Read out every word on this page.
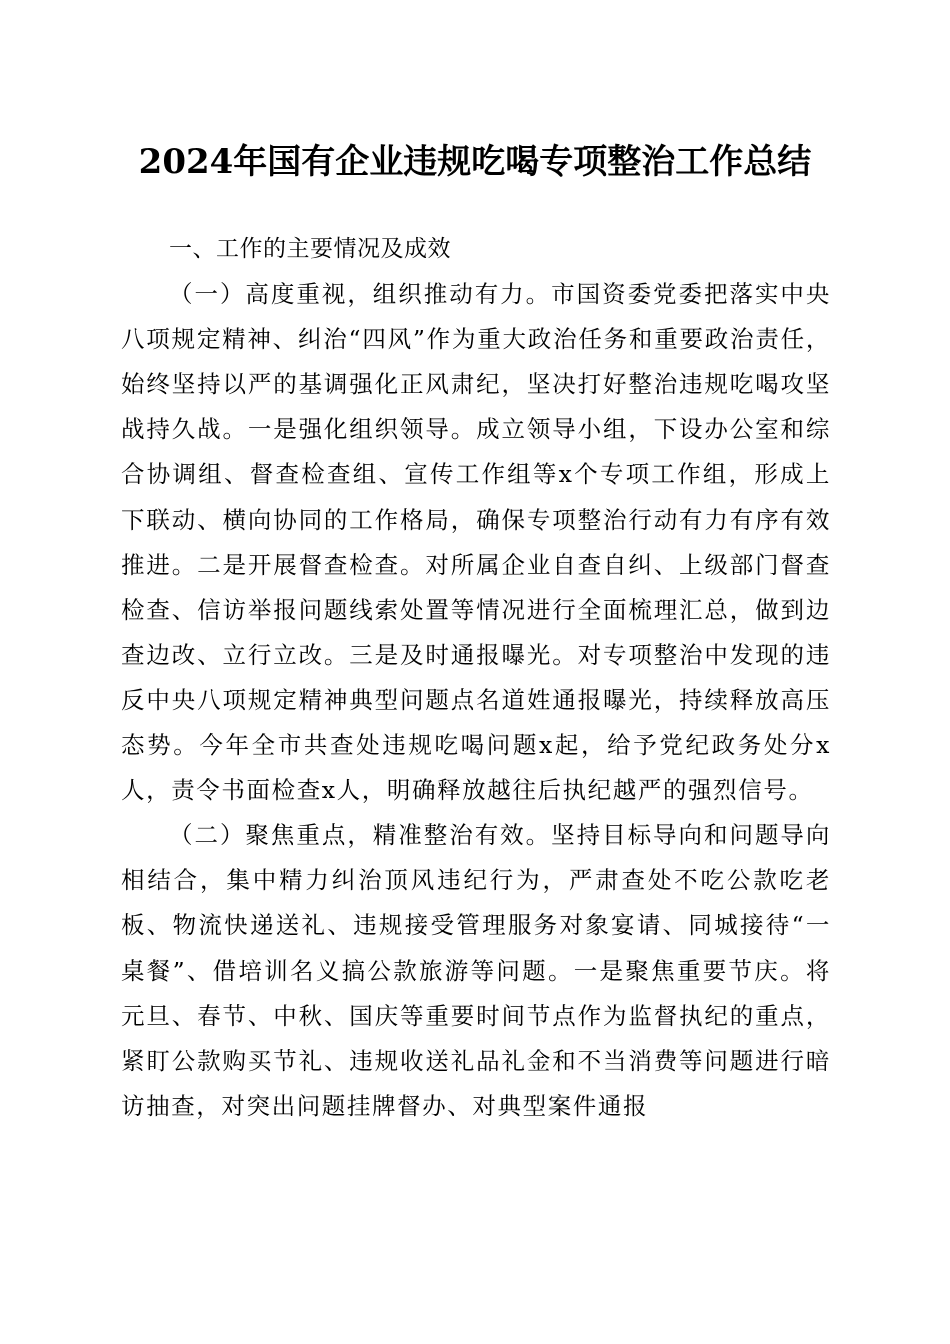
2024年国有企业违规吃喝专项整治工作总结

一、工作的主要情况及成效

（一）高度重视，组织推动有力。市国资委党委把落实中央八项规定精神、纠治“四风”作为重大政治任务和重要政治责任，始终坚持以严的基调强化正风肃纪，坚决打好整治违规吃喝攻坚战持久战。一是强化组织领导。成立领导小组，下设办公室和综合协调组、督查检查组、宣传工作组等x个专项工作组，形成上下联动、横向协同的工作格局，确保专项整治行动有力有序有效推进。二是开展督查检查。对所属企业自查自纠、上级部门督查检查、信访举报问题线索处置等情况进行全面梳理汇总，做到边查边改、立行立改。三是及时通报曝光。对专项整治中发现的违反中央八项规定精神典型问题点名道姓通报曝光，持续释放高压态势。今年全市共查处违规吃喝问题x起，给予党纪政务处分x人，责令书面检查x人，明确释放越往后执纪越严的强烈信号。

（二）聚焦重点，精准整治有效。坚持目标导向和问题导向相结合，集中精力纠治顶风违纪行为，严肃查处不吃公款吃老板、物流快递送礼、违规接受管理服务对象宴请、同城接待“一桌餐”、借培训名义搞公款旅游等问题。一是聚焦重要节庆。将元旦、春节、中秋、国庆等重要时间节点作为监督执纪的重点，紧盯公款购买节礼、违规收送礼品礼金和不当消费等问题进行暗访抽查，对突出问题挂牌督办、对典型案件通报
